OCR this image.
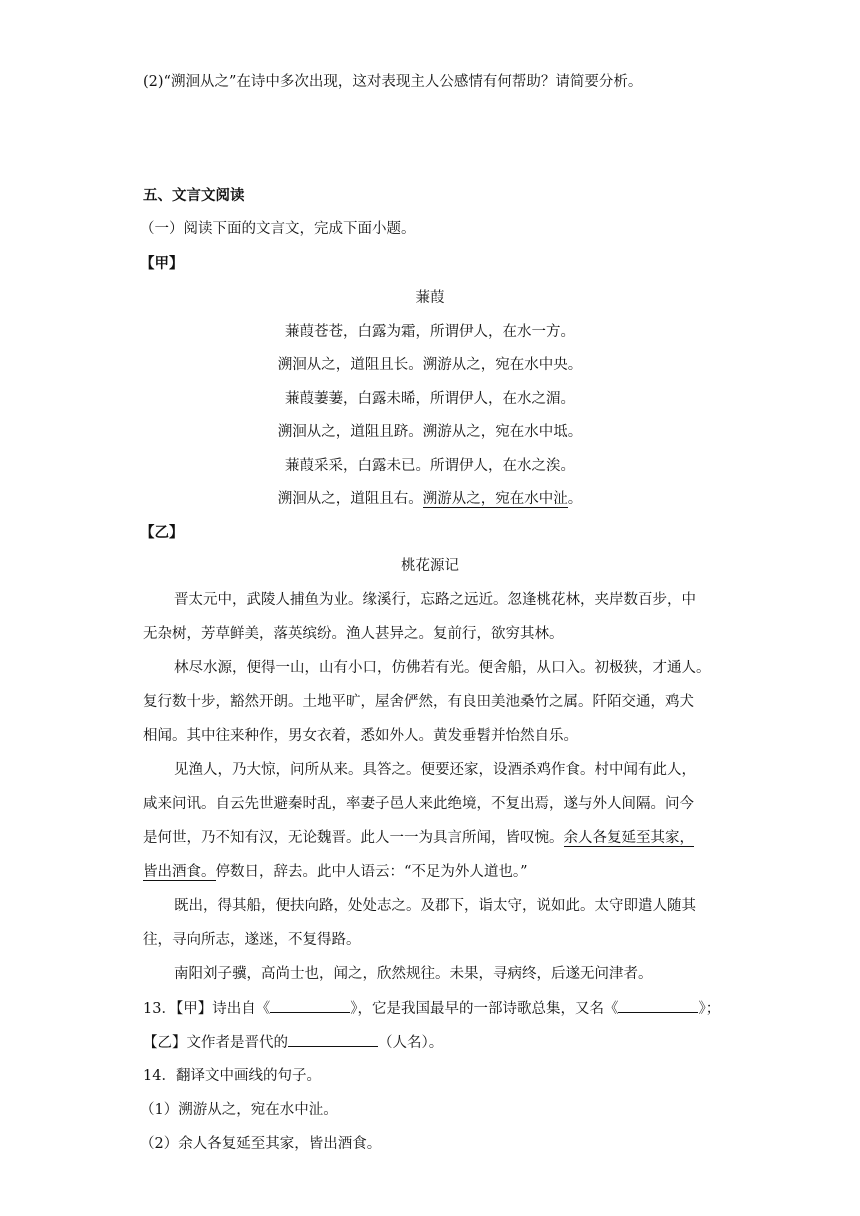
(2)“溯洄从之”在诗中多次出现，这对表现主人公感情有何帮助？请简要分析。
五、文言文阅读
（一）阅读下面的文言文，完成下面小题。
【甲】
蒹葭
蒹葭苍苍，白露为霜，所谓伊人，在水一方。
溯洄从之，道阻且长。溯游从之，宛在水中央。
蒹葭萋萋，白露未晞，所谓伊人，在水之湄。
溯洄从之，道阻且跻。溯游从之，宛在水中坻。
蒹葭采采，白露未已。所谓伊人，在水之涘。
溯洄从之，道阻且右。溯游从之，宛在水中沚。
【乙】
桃花源记
晋太元中，武陵人捕鱼为业。缘溪行，忘路之远近。忽逢桃花林，夹岸数百步，中
无杂树，芳草鲜美，落英缤纷。渔人甚异之。复前行，欲穷其林。
林尽水源，便得一山，山有小口，仿佛若有光。便舍船，从口入。初极狭，才通人。
复行数十步，豁然开朗。土地平旷，屋舍俨然，有良田美池桑竹之属。阡陌交通，鸡犬
相闻。其中往来种作，男女衣着，悉如外人。黄发垂髫并怡然自乐。
见渔人，乃大惊，问所从来。具答之。便要还家，设酒杀鸡作食。村中闻有此人，
咸来问讯。自云先世避秦时乱，率妻子邑人来此绝境，不复出焉，遂与外人间隔。问今
是何世，乃不知有汉，无论魏晋。此人一一为具言所闻，皆叹惋。余人各复延至其家，
皆出酒食。停数日，辞去。此中人语云：“不足为外人道也。”
既出，得其船，便扶向路，处处志之。及郡下，诣太守，说如此。太守即遣人随其
往，寻向所志，遂迷，不复得路。
南阳刘子骥，高尚士也，闻之，欣然规往。未果，寻病终，后遂无问津者。
13．【甲】诗出自《	》，它是我国最早的一部诗歌总集，又名《	》；
【乙】文作者是晋代的	（人名）。
14．翻译文中画线的句子。
（1）溯游从之，宛在水中沚。
（2）余人各复延至其家，皆出酒食。
